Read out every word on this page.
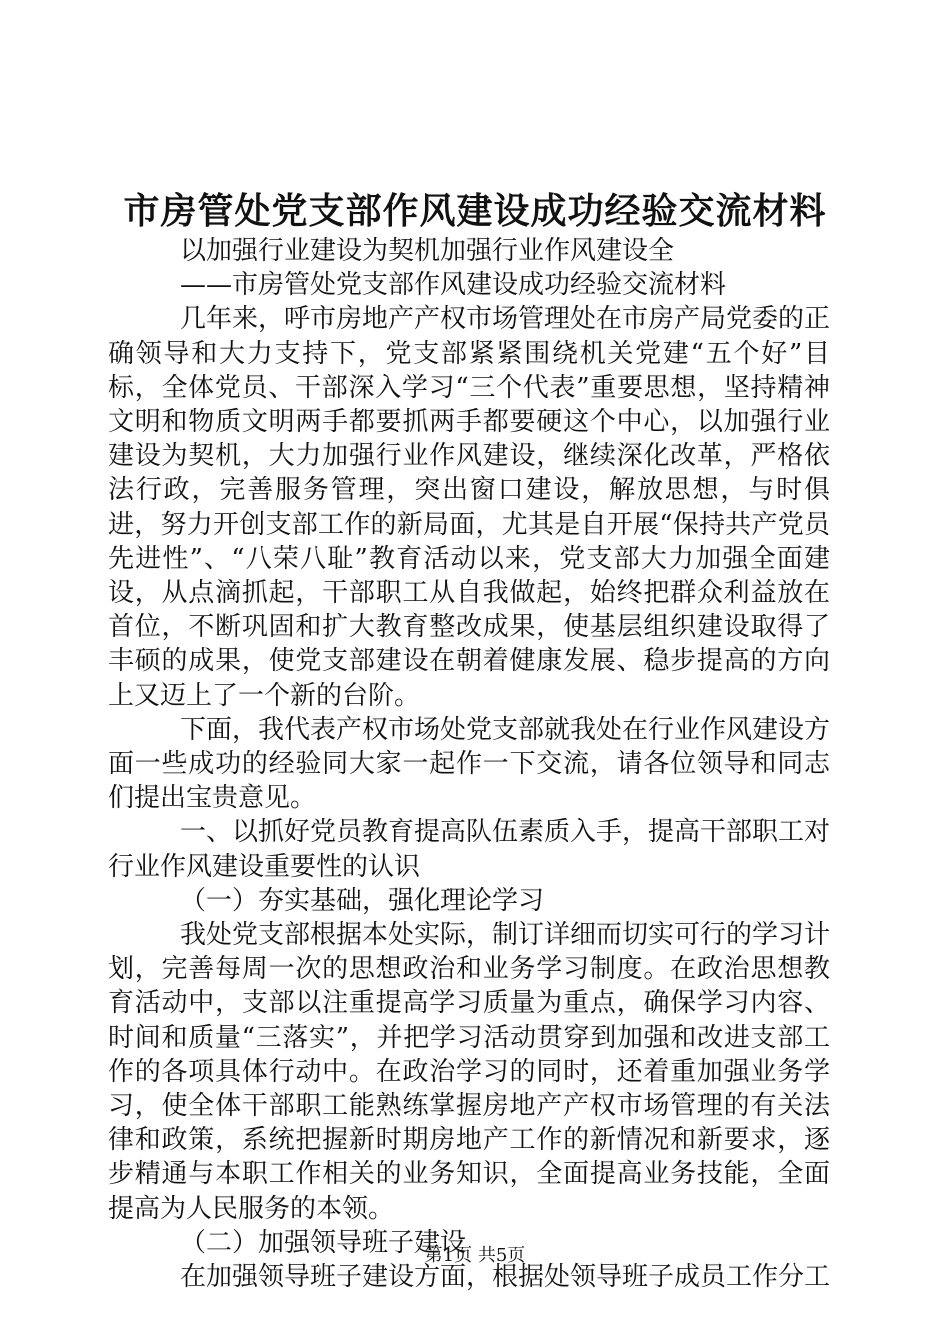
市房管处党支部作风建设成功经验交流材料

以加强行业建设为契机加强行业作风建设全

——市房管处党支部作风建设成功经验交流材料

几年来，呼市房地产产权市场管理处在市房产局党委的正确领导和大力支持下，党支部紧紧围绕机关党建“五个好”目标，全体党员、干部深入学习“三个代表”重要思想，坚持精神文明和物质文明两手都要抓两手都要硬这个中心，以加强行业建设为契机，大力加强行业作风建设，继续深化改革，严格依法行政，完善服务管理，突出窗口建设，解放思想，与时俱进，努力开创支部工作的新局面，尤其是自开展“保持共产党员先进性”、“八荣八耻”教育活动以来，党支部大力加强全面建设，从点滴抓起，干部职工从自我做起，始终把群众利益放在首位，不断巩固和扩大教育整改成果，使基层组织建设取得了丰硕的成果，使党支部建设在朝着健康发展、稳步提高的方向上又迈上了一个新的台阶。

下面，我代表产权市场处党支部就我处在行业作风建设方面一些成功的经验同大家一起作一下交流，请各位领导和同志们提出宝贵意见。

一、以抓好党员教育提高队伍素质入手，提高干部职工对行业作风建设重要性的认识

（一）夯实基础，强化理论学习

我处党支部根据本处实际，制订详细而切实可行的学习计划，完善每周一次的思想政治和业务学习制度。在政治思想教育活动中，支部以注重提高学习质量为重点，确保学习内容、时间和质量“三落实”，并把学习活动贯穿到加强和改进支部工作的各项具体行动中。在政治学习的同时，还着重加强业务学习，使全体干部职工能熟练掌握房地产产权市场管理的有关法律和政策，系统把握新时期房地产工作的新情况和新要求，逐步精通与本职工作相关的业务知识，全面提高业务技能，全面提高为人民服务的本领。

（二）加强领导班子建设

在加强领导班子建设方面，根据处领导班子成员工作分工

第1页 共5页
